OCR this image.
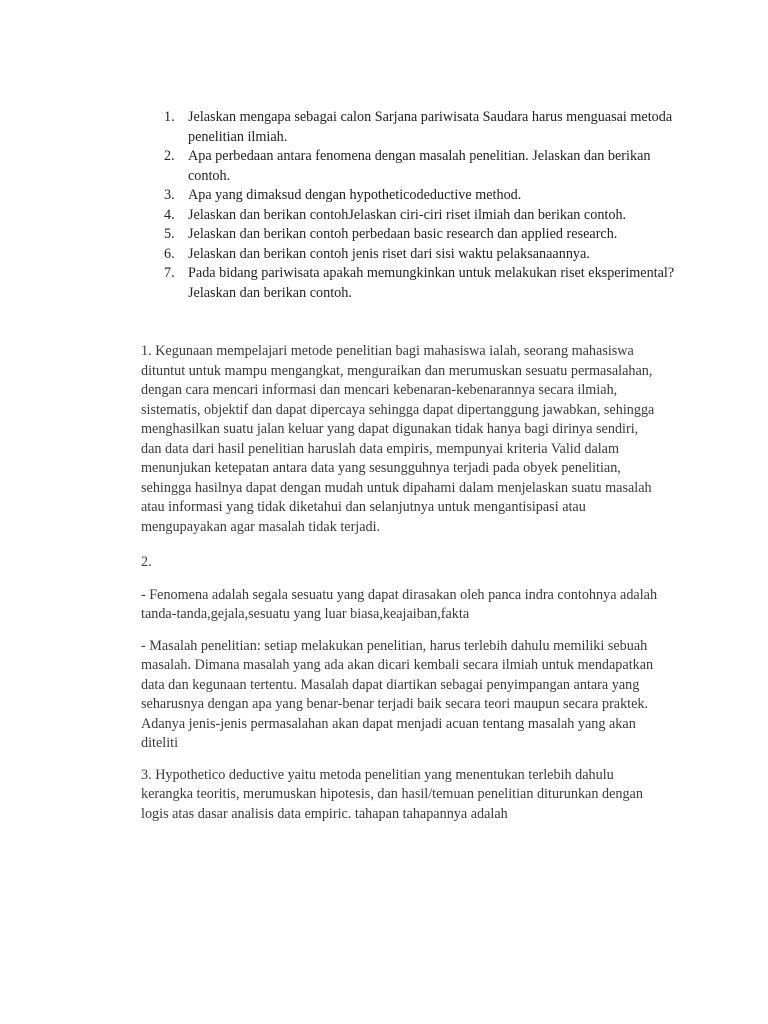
1. Jelaskan mengapa sebagai calon Sarjana pariwisata Saudara harus menguasai metoda penelitian ilmiah.
2. Apa perbedaan antara fenomena dengan masalah penelitian. Jelaskan dan berikan contoh.
3. Apa yang dimaksud dengan hypotheticodeductive method.
4. Jelaskan dan berikan contohJelaskan ciri-ciri riset ilmiah dan berikan contoh.
5. Jelaskan dan berikan contoh perbedaan basic research dan applied research.
6. Jelaskan dan berikan contoh jenis riset dari sisi waktu pelaksanaannya.
7. Pada bidang pariwisata apakah memungkinkan untuk melakukan riset eksperimental? Jelaskan dan berikan contoh.

1. Kegunaan mempelajari metode penelitian bagi mahasiswa ialah, seorang mahasiswa dituntut untuk mampu mengangkat, menguraikan dan merumuskan sesuatu permasalahan, dengan cara mencari informasi dan mencari kebenaran-kebenarannya secara ilmiah, sistematis, objektif dan dapat dipercaya sehingga dapat dipertanggung jawabkan, sehingga menghasilkan suatu jalan keluar yang dapat digunakan tidak hanya bagi dirinya sendiri, dan data dari hasil penelitian haruslah data empiris, mempunyai kriteria Valid dalam menunjukan ketepatan antara data yang sesungguhnya terjadi pada obyek penelitian, sehingga hasilnya dapat dengan mudah untuk dipahami dalam menjelaskan suatu masalah atau informasi yang tidak diketahui dan selanjutnya untuk mengantisipasi atau mengupayakan agar masalah tidak terjadi.

2.

- Fenomena adalah segala sesuatu yang dapat dirasakan oleh panca indra contohnya adalah tanda-tanda,gejala,sesuatu yang luar biasa,keajaiban,fakta

- Masalah penelitian: setiap melakukan penelitian, harus terlebih dahulu memiliki sebuah masalah. Dimana masalah yang ada akan dicari kembali secara ilmiah untuk mendapatkan data dan kegunaan tertentu. Masalah dapat diartikan sebagai penyimpangan antara yang seharusnya dengan apa yang benar-benar terjadi baik secara teori maupun secara praktek. Adanya jenis-jenis permasalahan akan dapat menjadi acuan tentang masalah yang akan diteliti

3. Hypothetico deductive yaitu metoda penelitian yang menentukan terlebih dahulu kerangka teoritis, merumuskan hipotesis, dan hasil/temuan penelitian diturunkan dengan logis atas dasar analisis data empiric. tahapan tahapannya adalah
